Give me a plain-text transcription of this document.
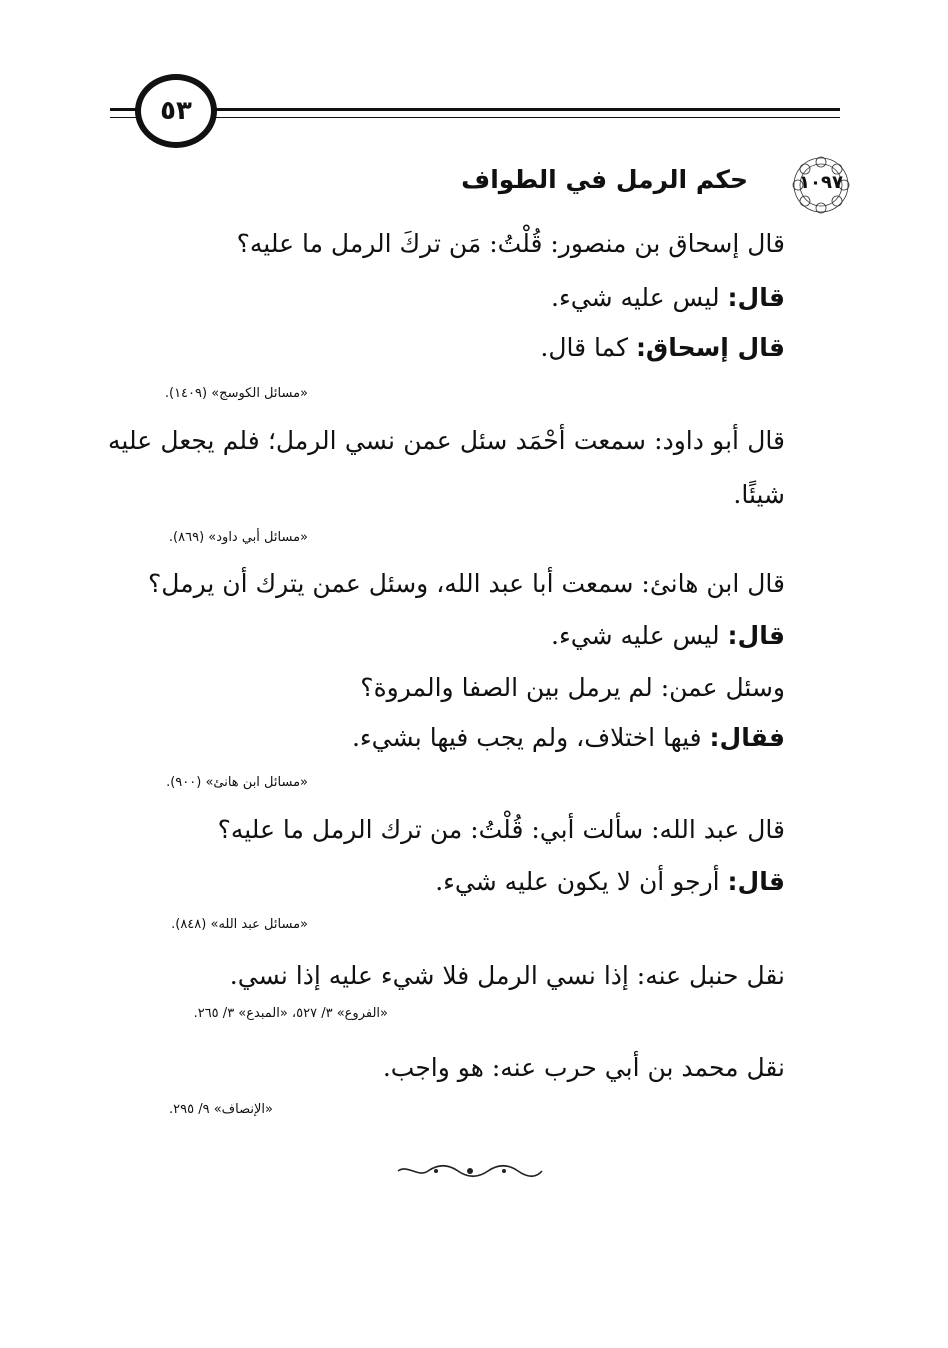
٥٣
١٠٩٧
حكم الرمل في الطواف
قال إسحاق بن منصور: قُلْتُ: مَن تركَ الرمل ما عليه؟
قال: ليس عليه شيء.
قال إسحاق: كما قال.
«مسائل الكوسج» (١٤٠٩).
قال أبو داود: سمعت أحْمَد سئل عمن نسي الرمل؛ فلم يجعل عليه شيئًا.
«مسائل أبي داود» (٨٦٩).
قال ابن هانئ: سمعت أبا عبد الله، وسئل عمن يترك أن يرمل؟
قال: ليس عليه شيء.
وسئل عمن: لم يرمل بين الصفا والمروة؟
فقال: فيها اختلاف، ولم يجب فيها بشيء.
«مسائل ابن هانئ» (٩٠٠).
قال عبد الله: سألت أبي: قُلْتُ: من ترك الرمل ما عليه؟
قال: أرجو أن لا يكون عليه شيء.
«مسائل عبد الله» (٨٤٨).
نقل حنبل عنه: إذا نسي الرمل فلا شيء عليه إذا نسي.
«الفروع» ٣/ ٥٢٧، «المبدع» ٣/ ٢٦٥.
نقل محمد بن أبي حرب عنه: هو واجب.
«الإنصاف» ٩/ ٢٩٥.
